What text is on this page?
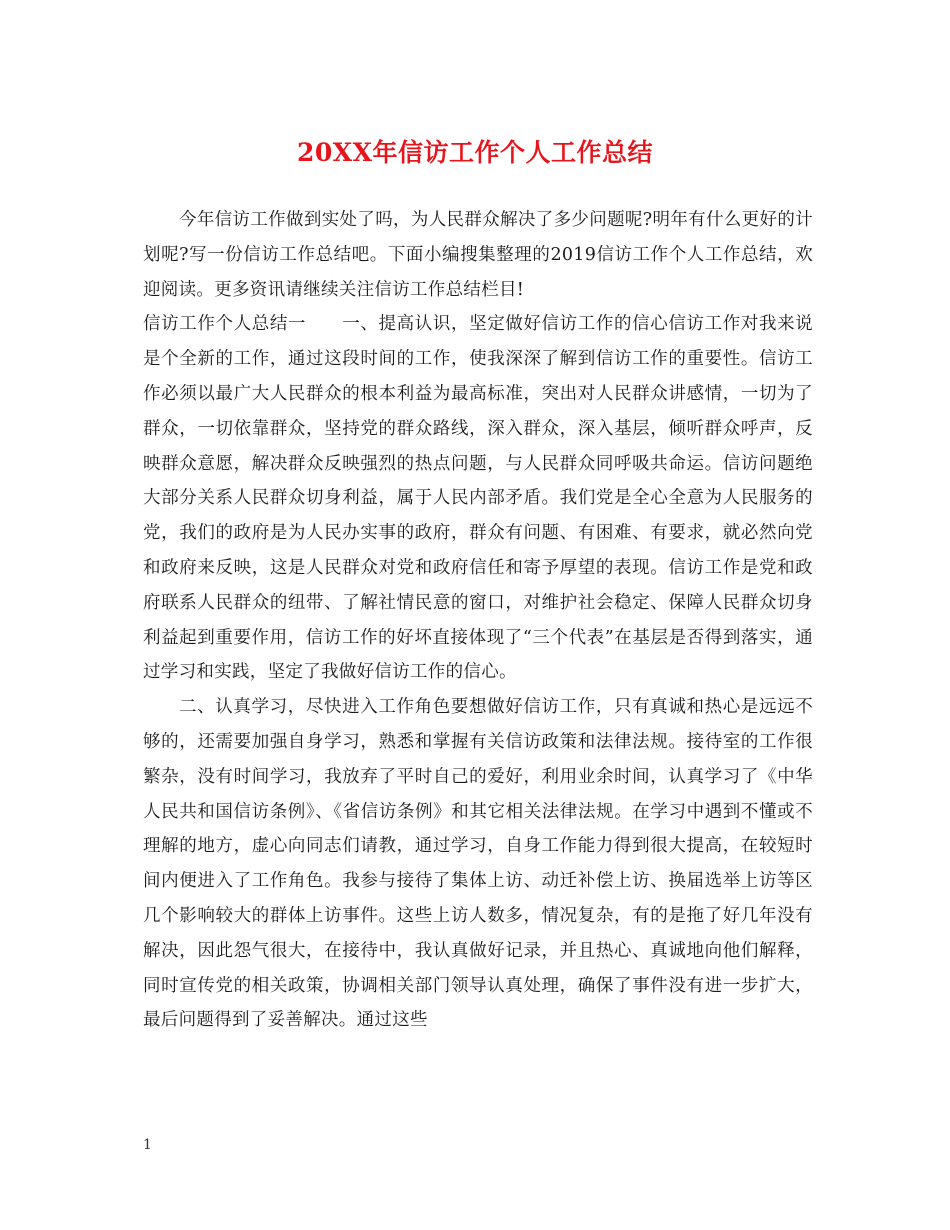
20XX年信访工作个人工作总结

今年信访工作做到实处了吗，为人民群众解决了多少问题呢?明年有什么更好的计划呢?写一份信访工作总结吧。下面小编搜集整理的2019信访工作个人工作总结，欢迎阅读。更多资讯请继续关注信访工作总结栏目!

信访工作个人总结一　　一、提高认识，坚定做好信访工作的信心信访工作对我来说是个全新的工作，通过这段时间的工作，使我深深了解到信访工作的重要性。信访工作必须以最广大人民群众的根本利益为最高标准，突出对人民群众讲感情，一切为了群众，一切依靠群众，坚持党的群众路线，深入群众，深入基层，倾听群众呼声，反映群众意愿，解决群众反映强烈的热点问题，与人民群众同呼吸共命运。信访问题绝大部分关系人民群众切身利益，属于人民内部矛盾。我们党是全心全意为人民服务的党，我们的政府是为人民办实事的政府，群众有问题、有困难、有要求，就必然向党和政府来反映，这是人民群众对党和政府信任和寄予厚望的表现。信访工作是党和政府联系人民群众的纽带、了解社情民意的窗口，对维护社会稳定、保障人民群众切身利益起到重要作用，信访工作的好坏直接体现了“三个代表”在基层是否得到落实，通过学习和实践，坚定了我做好信访工作的信心。

二、认真学习，尽快进入工作角色要想做好信访工作，只有真诚和热心是远远不够的，还需要加强自身学习，熟悉和掌握有关信访政策和法律法规。接待室的工作很繁杂，没有时间学习，我放弃了平时自己的爱好，利用业余时间，认真学习了《中华人民共和国信访条例》、《省信访条例》和其它相关法律法规。在学习中遇到不懂或不理解的地方，虚心向同志们请教，通过学习，自身工作能力得到很大提高，在较短时间内便进入了工作角色。我参与接待了集体上访、动迁补偿上访、换届选举上访等区几个影响较大的群体上访事件。这些上访人数多，情况复杂，有的是拖了好几年没有解决，因此怨气很大，在接待中，我认真做好记录，并且热心、真诚地向他们解释，同时宣传党的相关政策，协调相关部门领导认真处理，确保了事件没有进一步扩大，最后问题得到了妥善解决。通过这些

1
